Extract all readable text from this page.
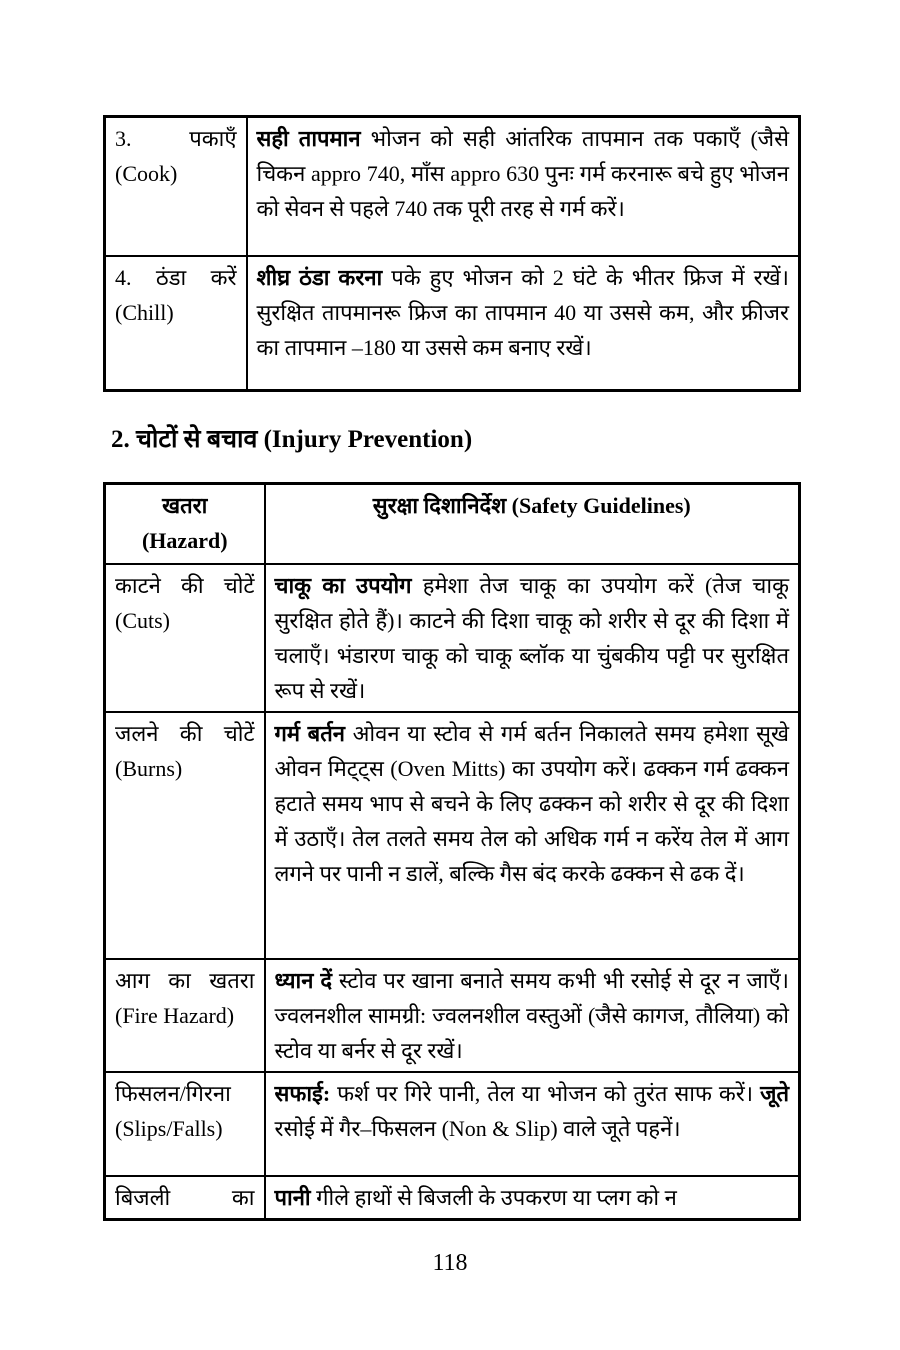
3. पकाएँ
(Cook)	सही तापमान भोजन को सही आंतरिक तापमान तक पकाएँ (जैसे चिकन appro 740, माँस appro 630 पुनः गर्म करनारू बचे हुए भोजन को सेवन से पहले 740 तक पूरी तरह से गर्म करें।

4. ठंडा करें
(Chill)	शीघ्र ठंडा करना पके हुए भोजन को 2 घंटे के भीतर फ्रिज में रखें। सुरक्षित तापमानरू फ्रिज का तापमान 40 या उससे कम, और फ्रीजर का तापमान –180 या उससे कम बनाए रखें।
2. चोटों से बचाव (Injury Prevention)
खतरा
(Hazard)	सुरक्षा दिशानिर्देश (Safety Guidelines)

काटने की चोटें
(Cuts)	चाकू का उपयोग हमेशा तेज चाकू का उपयोग करें (तेज चाकू सुरक्षित होते हैं)। काटने की दिशा चाकू को शरीर से दूर की दिशा में चलाएँ। भंडारण चाकू को चाकू ब्लॉक या चुंबकीय पट्टी पर सुरक्षित रूप से रखें।

जलने की चोटें
(Burns)	गर्म बर्तन ओवन या स्टोव से गर्म बर्तन निकालते समय हमेशा सूखे ओवन मिट्ट्स (Oven Mitts) का उपयोग करें। ढक्कन गर्म ढक्कन हटाते समय भाप से बचने के लिए ढक्कन को शरीर से दूर की दिशा में उठाएँ। तेल तलते समय तेल को अधिक गर्म न करेंय तेल में आग लगने पर पानी न डालें, बल्कि गैस बंद करके ढक्कन से ढक दें।

आग का खतरा
(Fire Hazard)	ध्यान दें स्टोव पर खाना बनाते समय कभी भी रसोई से दूर न जाएँ। ज्वलनशील सामग्री: ज्वलनशील वस्तुओं (जैसे कागज, तौलिया) को स्टोव या बर्नर से दूर रखें।

फिसलन/गिरना
(Slips/Falls)	सफाई: फर्श पर गिरे पानी, तेल या भोजन को तुरंत साफ करें। जूते रसोई में गैर–फिसलन (Non & Slip) वाले जूते पहनें।

बिजली का	पानी गीले हाथों से बिजली के उपकरण या प्लग को न
118
